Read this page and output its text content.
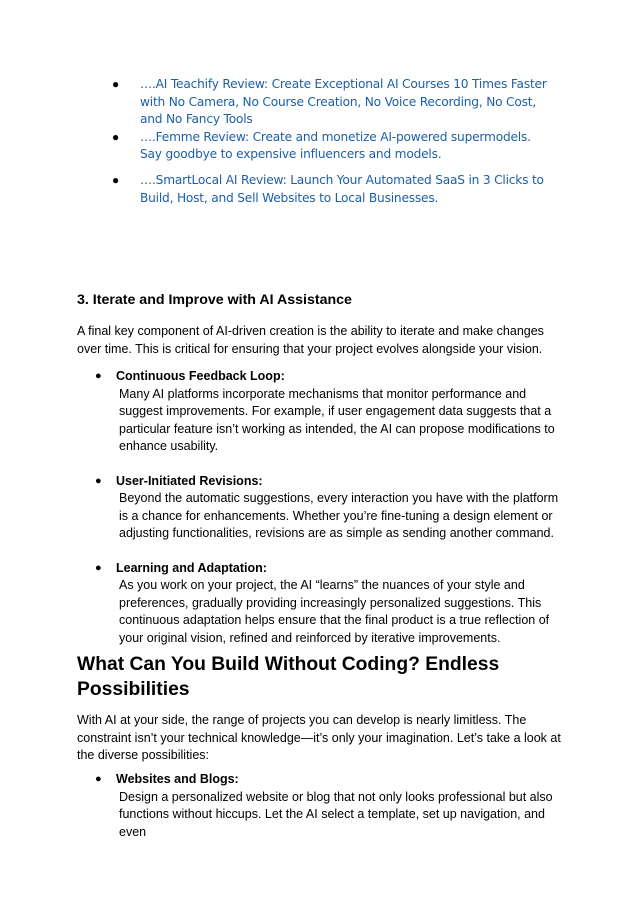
● ….AI Teachify Review: Create Exceptional AI Courses 10 Times Faster with No Camera, No Course Creation, No Voice Recording, No Cost, and No Fancy Tools
● ….Femme Review: Create and monetize AI-powered supermodels. Say goodbye to expensive influencers and models.
● ….SmartLocal AI Review: Launch Your Automated SaaS in 3 Clicks to Build, Host, and Sell Websites to Local Businesses.
3. Iterate and Improve with AI Assistance

A final key component of AI-driven creation is the ability to iterate and make changes over time. This is critical for ensuring that your project evolves alongside your vision.

● Continuous Feedback Loop:
Many AI platforms incorporate mechanisms that monitor performance and suggest improvements. For example, if user engagement data suggests that a particular feature isn’t working as intended, the AI can propose modifications to enhance usability.
● User-Initiated Revisions:
Beyond the automatic suggestions, every interaction you have with the platform is a chance for enhancements. Whether you’re fine-tuning a design element or adjusting functionalities, revisions are as simple as sending another command.
● Learning and Adaptation:
As you work on your project, the AI “learns” the nuances of your style and preferences, gradually providing increasingly personalized suggestions. This continuous adaptation helps ensure that the final product is a true reflection of your original vision, refined and reinforced by iterative improvements.
What Can You Build Without Coding? Endless Possibilities

With AI at your side, the range of projects you can develop is nearly limitless. The constraint isn’t your technical knowledge—it’s only your imagination. Let’s take a look at the diverse possibilities:

● Websites and Blogs:
Design a personalized website or blog that not only looks professional but also functions without hiccups. Let the AI select a template, set up navigation, and even
